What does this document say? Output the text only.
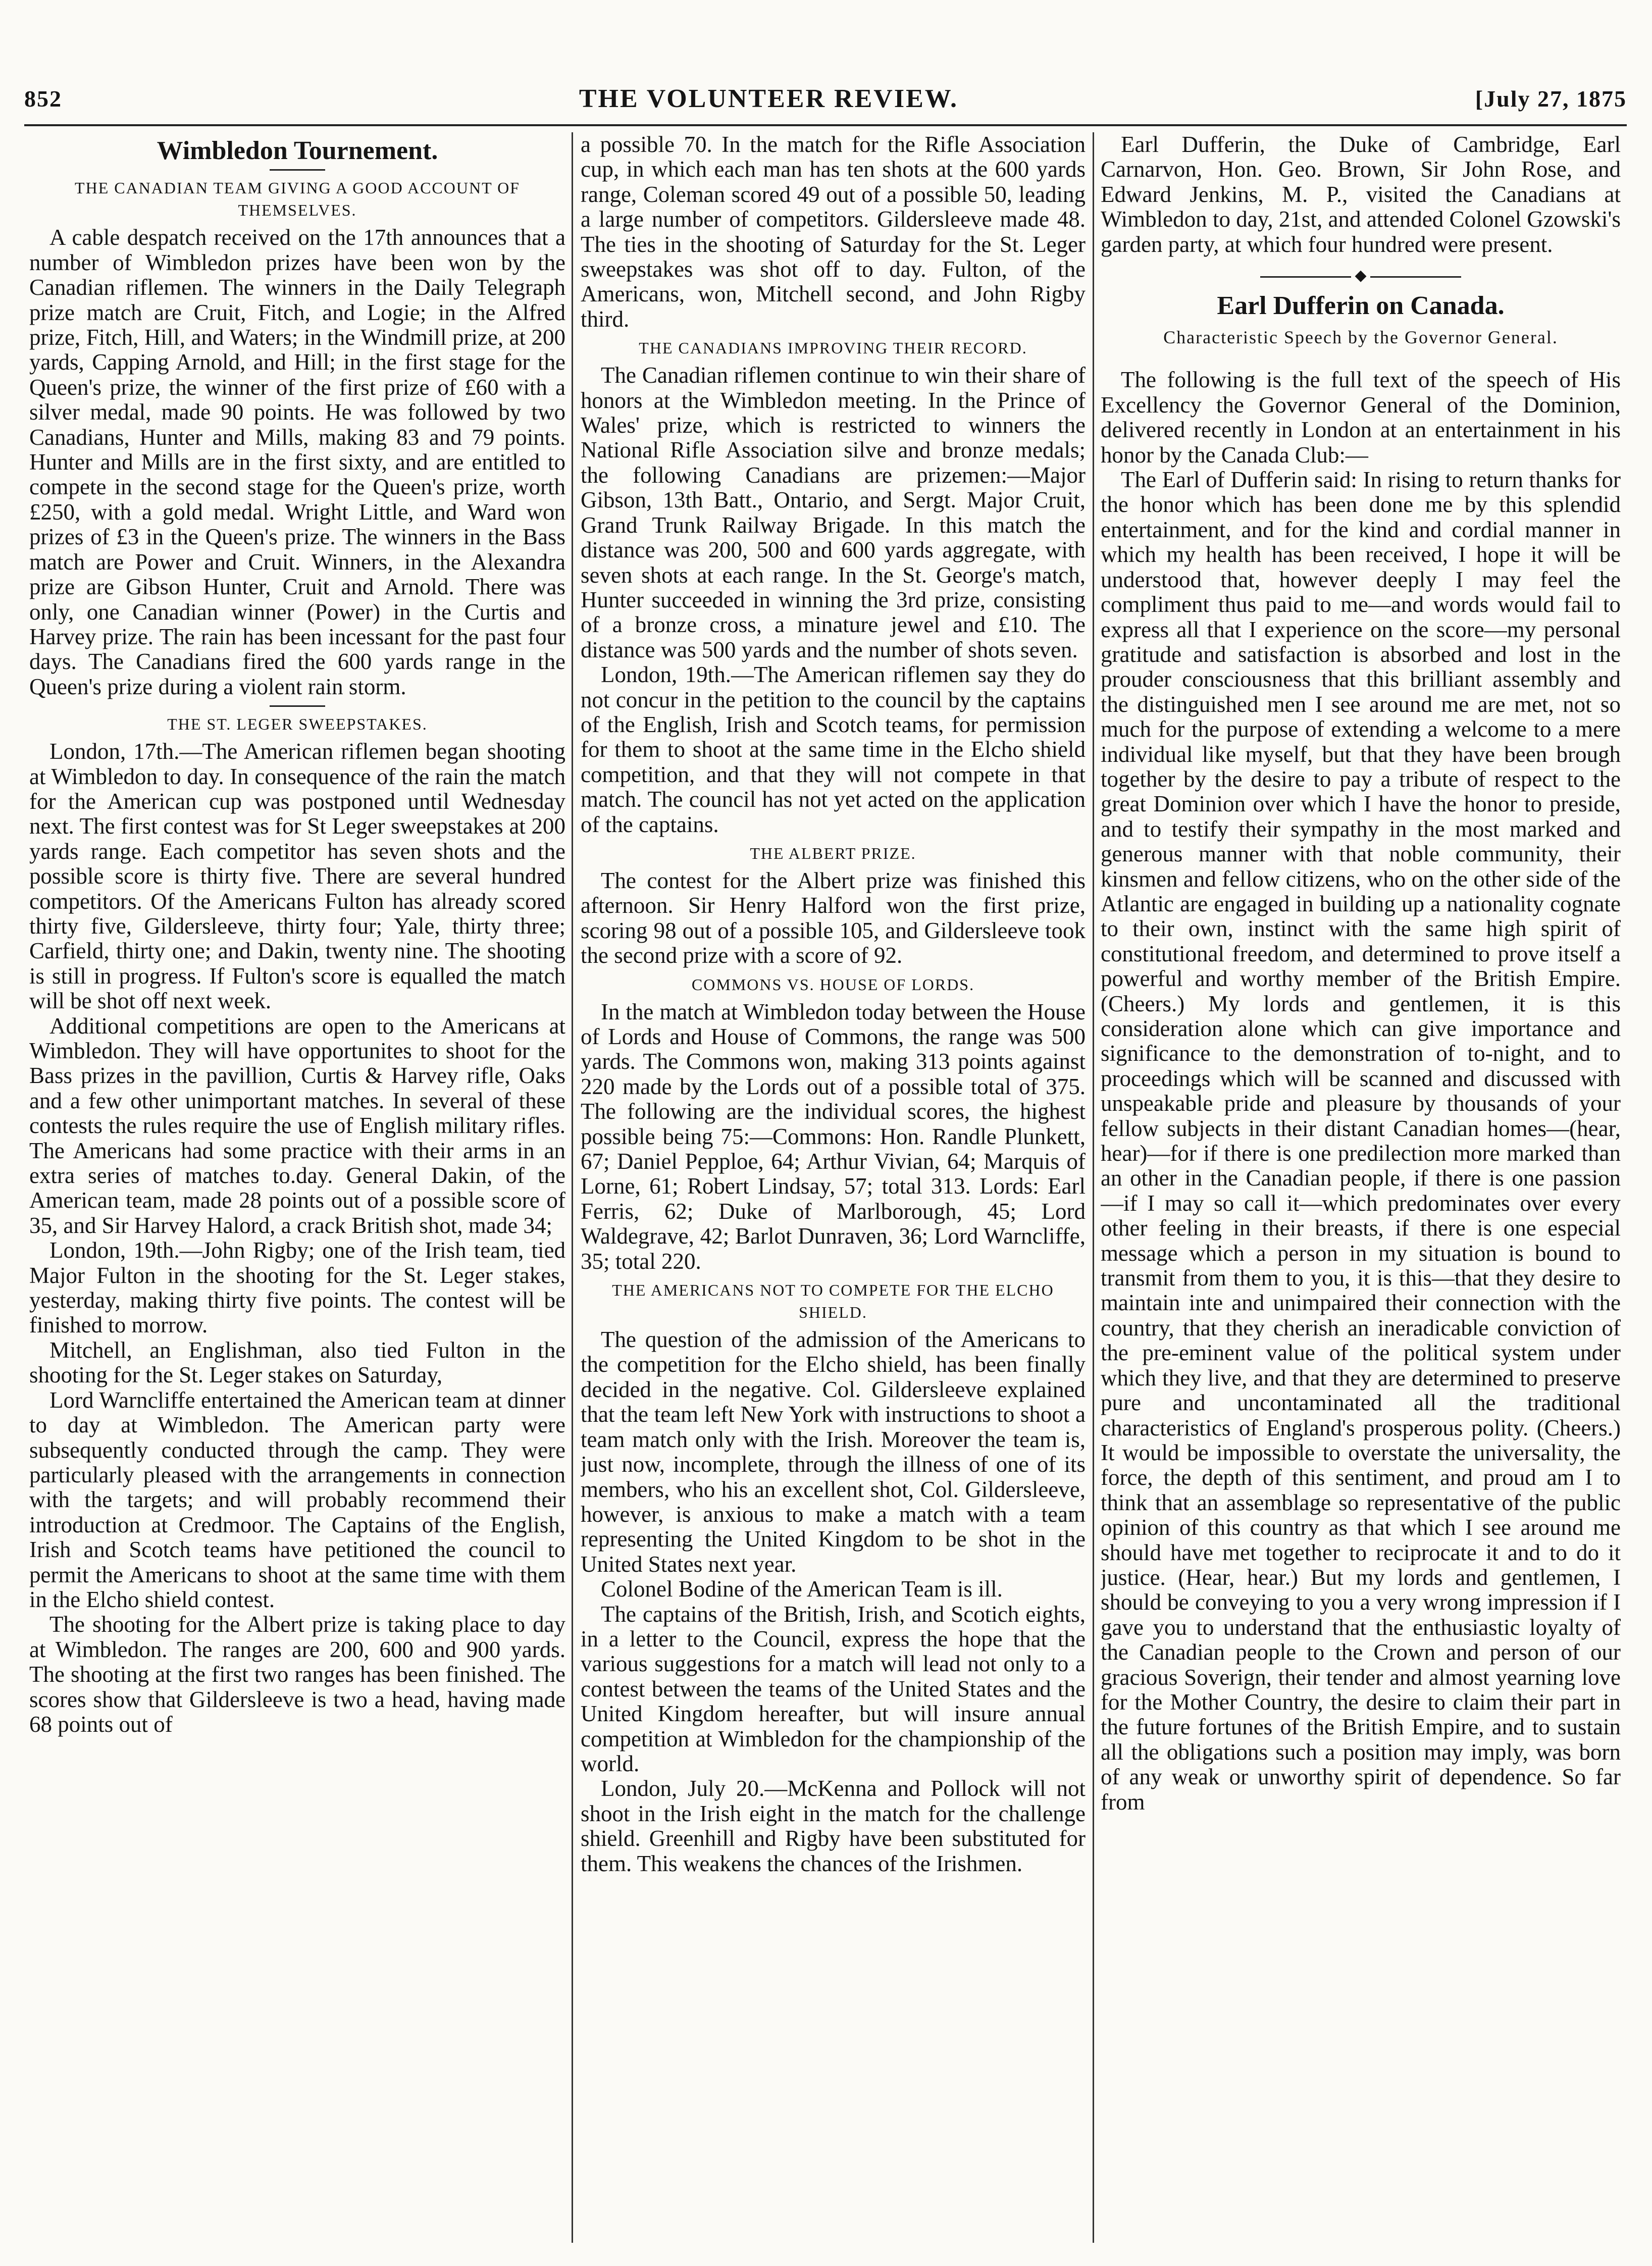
852	THE VOLUNTEER REVIEW.	[July 27, 1875

Wimbledon Tournement.

THE CANADIAN TEAM GIVING A GOOD ACCOUNT OF THEMSELVES.

A cable despatch received on the 17th announces that a number of Wimbledon prizes have been won by the Canadian riflemen. The winners in the Daily Telegraph prize match are Cruit, Fitch, and Logie; in the Alfred prize, Fitch, Hill, and Waters; in the Windmill prize, at 200 yards, Capping Arnold, and Hill; in the first stage for the Queen's prize, the winner of the first prize of £60 with a silver medal, made 90 points. He was followed by two Canadians, Hunter and Mills, making 83 and 79 points. Hunter and Mills are in the first sixty, and are entitled to compete in the second stage for the Queen's prize, worth £250, with a gold medal. Wright Little, and Ward won prizes of £3 in the Queen's prize. The winners in the Bass match are Power and Cruit. Winners, in the Alexandra prize are Gibson Hunter, Cruit and Arnold. There was only, one Canadian winner (Power) in the Curtis and Harvey prize. The rain has been incessant for the past four days. The Canadians fired the 600 yards range in the Queen's prize during a violent rain storm.

THE ST. LEGER SWEEPSTAKES.

London, 17th.—The American riflemen began shooting at Wimbledon to day. In consequence of the rain the match for the American cup was postponed until Wednesday next. The first contest was for St Leger sweepstakes at 200 yards range. Each competitor has seven shots and the possible score is thirty five. There are several hundred competitors. Of the Americans Fulton has already scored thirty five, Gildersleeve, thirty four; Yale, thirty three; Carfield, thirty one; and Dakin, twenty nine. The shooting is still in progress. If Fulton's score is equalled the match will be shot off next week.

Additional competitions are open to the Americans at Wimbledon. They will have opportunites to shoot for the Bass prizes in the pavillion, Curtis & Harvey rifle, Oaks and a few other unimportant matches. In several of these contests the rules require the use of English military rifles. The Americans had some practice with their arms in an extra series of matches to.day. General Dakin, of the American team, made 28 points out of a possible score of 35, and Sir Harvey Halord, a crack British shot, made 34;

London, 19th.—John Rigby; one of the Irish team, tied Major Fulton in the shooting for the St. Leger stakes, yesterday, making thirty five points. The contest will be finished to morrow.

Mitchell, an Englishman, also tied Fulton in the shooting for the St. Leger stakes on Saturday,

Lord Warncliffe entertained the American team at dinner to day at Wimbledon. The American party were subsequently conducted through the camp. They were particularly pleased with the arrangements in connection with the targets; and will probably recommend their introduction at Credmoor. The Captains of the English, Irish and Scotch teams have petitioned the council to permit the Americans to shoot at the same time with them in the Elcho shield contest.

The shooting for the Albert prize is taking place to day at Wimbledon. The ranges are 200, 600 and 900 yards. The shooting at the first two ranges has been finished. The scores show that Gildersleeve is two a head, having made 68 points out of

a possible 70. In the match for the Rifle Association cup, in which each man has ten shots at the 600 yards range, Coleman scored 49 out of a possible 50, leading a large number of competitors. Gildersleeve made 48. The ties in the shooting of Saturday for the St. Leger sweepstakes was shot off to day. Fulton, of the Americans, won, Mitchell second, and John Rigby third.

THE CANADIANS IMPROVING THEIR RECORD.

The Canadian riflemen continue to win their share of honors at the Wimbledon meeting. In the Prince of Wales' prize, which is restricted to winners the National Rifle Association silve and bronze medals; the following Canadians are prizemen:—Major Gibson, 13th Batt., Ontario, and Sergt. Major Cruit, Grand Trunk Railway Brigade. In this match the distance was 200, 500 and 600 yards aggregate, with seven shots at each range. In the St. George's match, Hunter succeeded in winning the 3rd prize, consisting of a bronze cross, a minature jewel and £10. The distance was 500 yards and the number of shots seven.

London, 19th.—The American riflemen say they do not concur in the petition to the council by the captains of the English, Irish and Scotch teams, for permission for them to shoot at the same time in the Elcho shield competition, and that they will not compete in that match. The council has not yet acted on the application of the captains.

THE ALBERT PRIZE.

The contest for the Albert prize was finished this afternoon. Sir Henry Halford won the first prize, scoring 98 out of a possible 105, and Gildersleeve took the second prize with a score of 92.

COMMONS VS. HOUSE OF LORDS.

In the match at Wimbledon today between the House of Lords and House of Commons, the range was 500 yards. The Commons won, making 313 points against 220 made by the Lords out of a possible total of 375. The following are the individual scores, the highest possible being 75:—Commons: Hon. Randle Plunkett, 67; Daniel Pepploe, 64; Arthur Vivian, 64; Marquis of Lorne, 61; Robert Lindsay, 57; total 313. Lords: Earl Ferris, 62; Duke of Marlborough, 45; Lord Waldegrave, 42; Barlot Dunraven, 36; Lord Warncliffe, 35; total 220.

THE AMERICANS NOT TO COMPETE FOR THE ELCHO SHIELD.

The question of the admission of the Americans to the competition for the Elcho shield, has been finally decided in the negative. Col. Gildersleeve explained that the team left New York with instructions to shoot a team match only with the Irish. Moreover the team is, just now, incomplete, through the illness of one of its members, who his an excellent shot, Col. Gildersleeve, however, is anxious to make a match with a team representing the United Kingdom to be shot in the United States next year.

Colonel Bodine of the American Team is ill.

The captains of the British, Irish, and Scotich eights, in a letter to the Council, express the hope that the various suggestions for a match will lead not only to a contest between the teams of the United States and the United Kingdom hereafter, but will insure annual competition at Wimbledon for the championship of the world.

London, July 20.—McKenna and Pollock will not shoot in the Irish eight in the match for the challenge shield. Greenhill and Rigby have been substituted for them. This weakens the chances of the Irishmen.

Earl Dufferin, the Duke of Cambridge, Earl Carnarvon, Hon. Geo. Brown, Sir John Rose, and Edward Jenkins, M. P., visited the Canadians at Wimbledon to day, 21st, and attended Colonel Gzowski's garden party, at which four hundred were present.

◆

Earl Dufferin on Canada.

Characteristic Speech by the Governor General.

The following is the full text of the speech of His Excellency the Governor General of the Dominion, delivered recently in London at an entertainment in his honor by the Canada Club:—

The Earl of Dufferin said: In rising to return thanks for the honor which has been done me by this splendid entertainment, and for the kind and cordial manner in which my health has been received, I hope it will be understood that, however deeply I may feel the compliment thus paid to me—and words would fail to express all that I experience on the score—my personal gratitude and satisfaction is absorbed and lost in the prouder consciousness that this brilliant assembly and the distinguished men I see around me are met, not so much for the purpose of extending a welcome to a mere individual like myself, but that they have been brough together by the desire to pay a tribute of respect to the great Dominion over which I have the honor to preside, and to testify their sympathy in the most marked and generous manner with that noble community, their kinsmen and fellow citizens, who on the other side of the Atlantic are engaged in building up a nationality cognate to their own, instinct with the same high spirit of constitutional freedom, and determined to prove itself a powerful and worthy member of the British Empire. (Cheers.) My lords and gentlemen, it is this consideration alone which can give importance and significance to the demonstration of to-night, and to proceedings which will be scanned and discussed with unspeakable pride and pleasure by thousands of your fellow subjects in their distant Canadian homes—(hear, hear)—for if there is one predilection more marked than an other in the Canadian people, if there is one passion—if I may so call it—which predominates over every other feeling in their breasts, if there is one especial message which a person in my situation is bound to transmit from them to you, it is this—that they desire to maintain inte and unimpaired their connection with the country, that they cherish an ineradicable conviction of the pre-eminent value of the political system under which they live, and that they are determined to preserve pure and uncontaminated all the traditional characteristics of England's prosperous polity. (Cheers.) It would be impossible to overstate the universality, the force, the depth of this sentiment, and proud am I to think that an assemblage so representative of the public opinion of this country as that which I see around me should have met together to reciprocate it and to do it justice. (Hear, hear.) But my lords and gentlemen, I should be conveying to you a very wrong impression if I gave you to understand that the enthusiastic loyalty of the Canadian people to the Crown and person of our gracious Soverign, their tender and almost yearning love for the Mother Country, the desire to claim their part in the future fortunes of the British Empire, and to sustain all the obligations such a position may imply, was born of any weak or unworthy spirit of dependence. So far from
